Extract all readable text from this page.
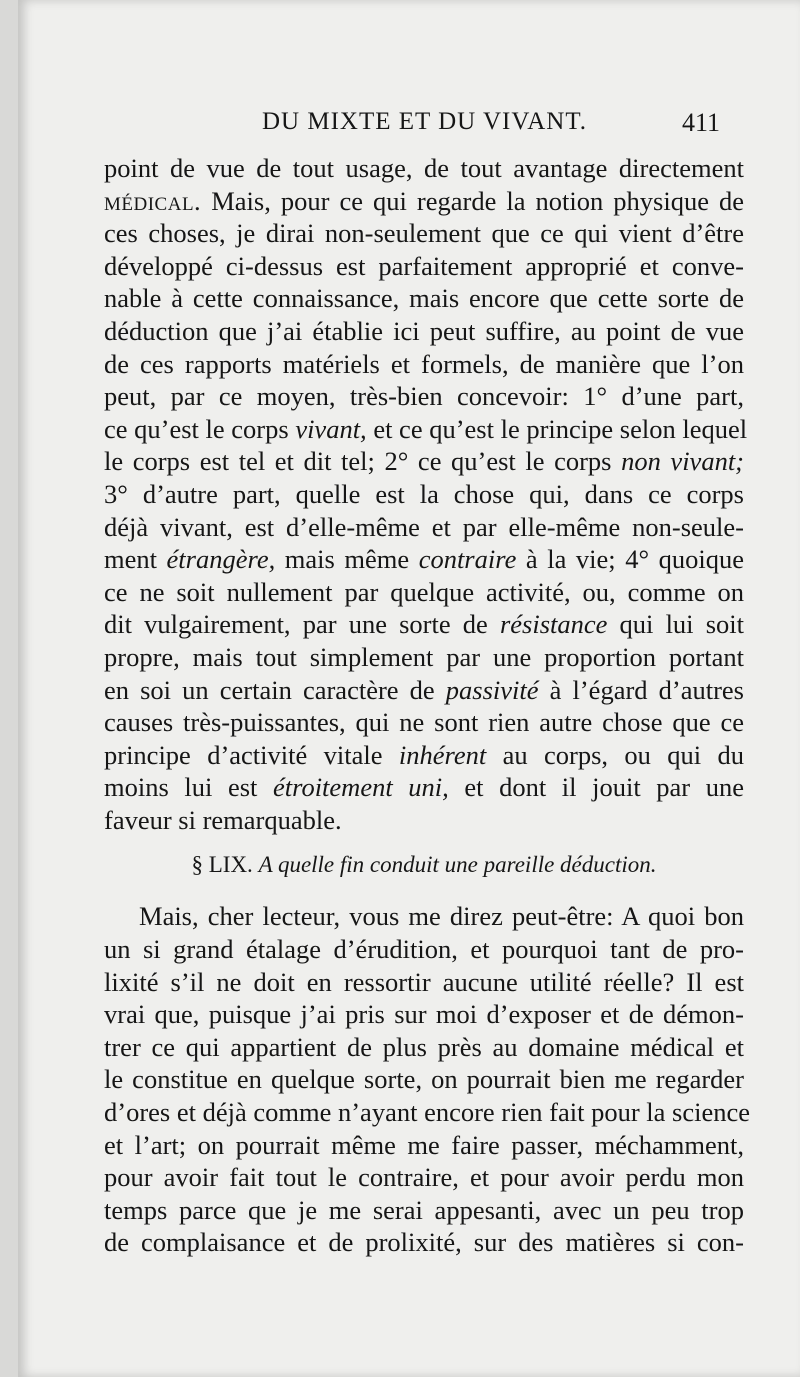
DU MIXTE ET DU VIVANT.	411
point de vue de tout usage, de tout avantage directement
médical. Mais, pour ce qui regarde la notion physique de
ces choses, je dirai non-seulement que ce qui vient d’être
développé ci-dessus est parfaitement approprié et conve-
nable à cette connaissance, mais encore que cette sorte de
déduction que j’ai établie ici peut suffire, au point de vue
de ces rapports matériels et formels, de manière que l’on
peut, par ce moyen, très-bien concevoir: 1° d’une part,
ce qu’est le corps vivant, et ce qu’est le principe selon lequel
le corps est tel et dit tel; 2° ce qu’est le corps non vivant;
3° d’autre part, quelle est la chose qui, dans ce corps
déjà vivant, est d’elle-même et par elle-même non-seule-
ment étrangère, mais même contraire à la vie; 4° quoique
ce ne soit nullement par quelque activité, ou, comme on
dit vulgairement, par une sorte de résistance qui lui soit
propre, mais tout simplement par une proportion portant
en soi un certain caractère de passivité à l’égard d’autres
causes très-puissantes, qui ne sont rien autre chose que ce
principe d’activité vitale inhérent au corps, ou qui du
moins lui est étroitement uni, et dont il jouit par une
faveur si remarquable.
§ LIX. A quelle fin conduit une pareille déduction.
Mais, cher lecteur, vous me direz peut-être: A quoi bon
un si grand étalage d’érudition, et pourquoi tant de pro-
lixité s’il ne doit en ressortir aucune utilité réelle? Il est
vrai que, puisque j’ai pris sur moi d’exposer et de démon-
trer ce qui appartient de plus près au domaine médical et
le constitue en quelque sorte, on pourrait bien me regarder
d’ores et déjà comme n’ayant encore rien fait pour la science
et l’art; on pourrait même me faire passer, méchamment,
pour avoir fait tout le contraire, et pour avoir perdu mon
temps parce que je me serai appesanti, avec un peu trop
de complaisance et de prolixité, sur des matières si con-
